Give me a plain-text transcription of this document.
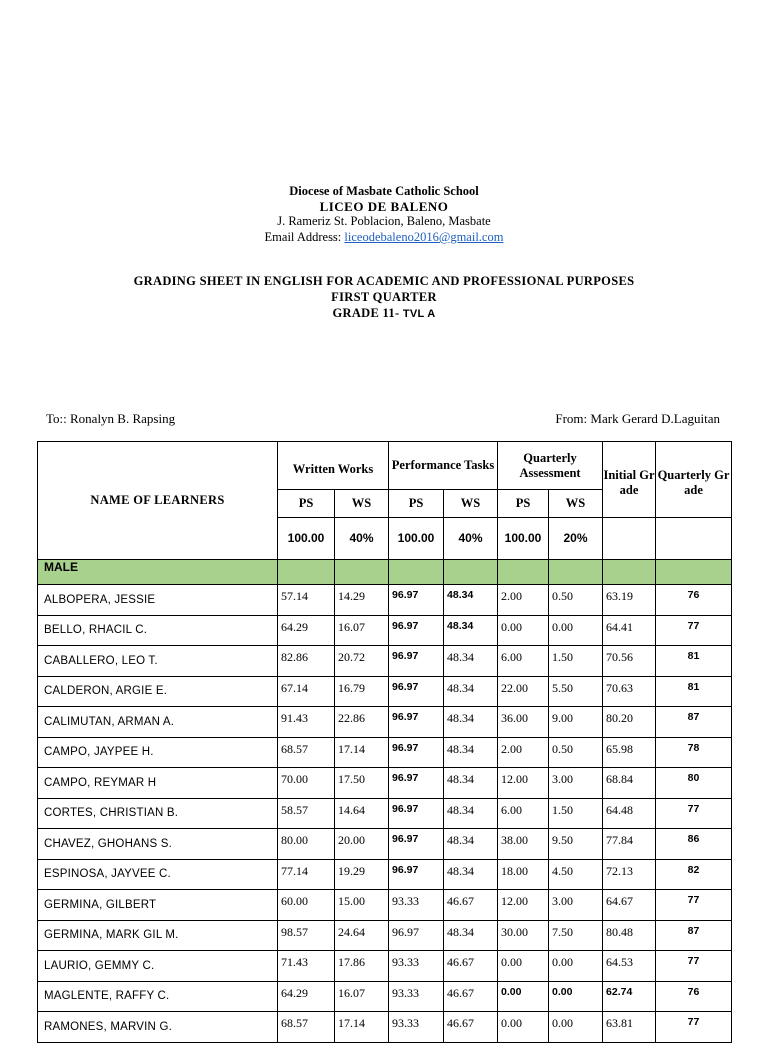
Diocese of Masbate Catholic School
LICEO DE BALENO
J. Rameriz St. Poblacion, Baleno, Masbate
Email Address: liceodebaleno2016@gmail.com
GRADING SHEET IN ENGLISH FOR ACADEMIC AND PROFESSIONAL PURPOSES
FIRST QUARTER
GRADE 11- TVL A
To:: Ronalyn B. Rapsing	From: Mark Gerard D.Laguitan
NAME OF LEARNERS	Written Works		Performance Tasks		Quarterly Assessment		Initial Grade	Quarterly Grade
	PS	WS	PS	WS	PS	WS		
	100.00	40%	100.00	40%	100.00	20%		
MALE								
ALBOPERA, JESSIE	57.14	14.29	96.97	48.34	2.00	0.50	63.19	76
BELLO, RHACIL C.	64.29	16.07	96.97	48.34	0.00	0.00	64.41	77
CABALLERO, LEO T.	82.86	20.72	96.97	48.34	6.00	1.50	70.56	81
CALDERON, ARGIE E.	67.14	16.79	96.97	48.34	22.00	5.50	70.63	81
CALIMUTAN, ARMAN A.	91.43	22.86	96.97	48.34	36.00	9.00	80.20	87
CAMPO, JAYPEE H.	68.57	17.14	96.97	48.34	2.00	0.50	65.98	78
CAMPO, REYMAR H	70.00	17.50	96.97	48.34	12.00	3.00	68.84	80
CORTES, CHRISTIAN B.	58.57	14.64	96.97	48.34	6.00	1.50	64.48	77
CHAVEZ, GHOHANS S.	80.00	20.00	96.97	48.34	38.00	9.50	77.84	86
ESPINOSA, JAYVEE C.	77.14	19.29	96.97	48.34	18.00	4.50	72.13	82
GERMINA, GILBERT	60.00	15.00	93.33	46.67	12.00	3.00	64.67	77
GERMINA, MARK GIL M.	98.57	24.64	96.97	48.34	30.00	7.50	80.48	87
LAURIO, GEMMY C.	71.43	17.86	93.33	46.67	0.00	0.00	64.53	77
MAGLENTE, RAFFY C.	64.29	16.07	93.33	46.67	0.00	0.00	62.74	76
RAMONES, MARVIN G.	68.57	17.14	93.33	46.67	0.00	0.00	63.81	77
